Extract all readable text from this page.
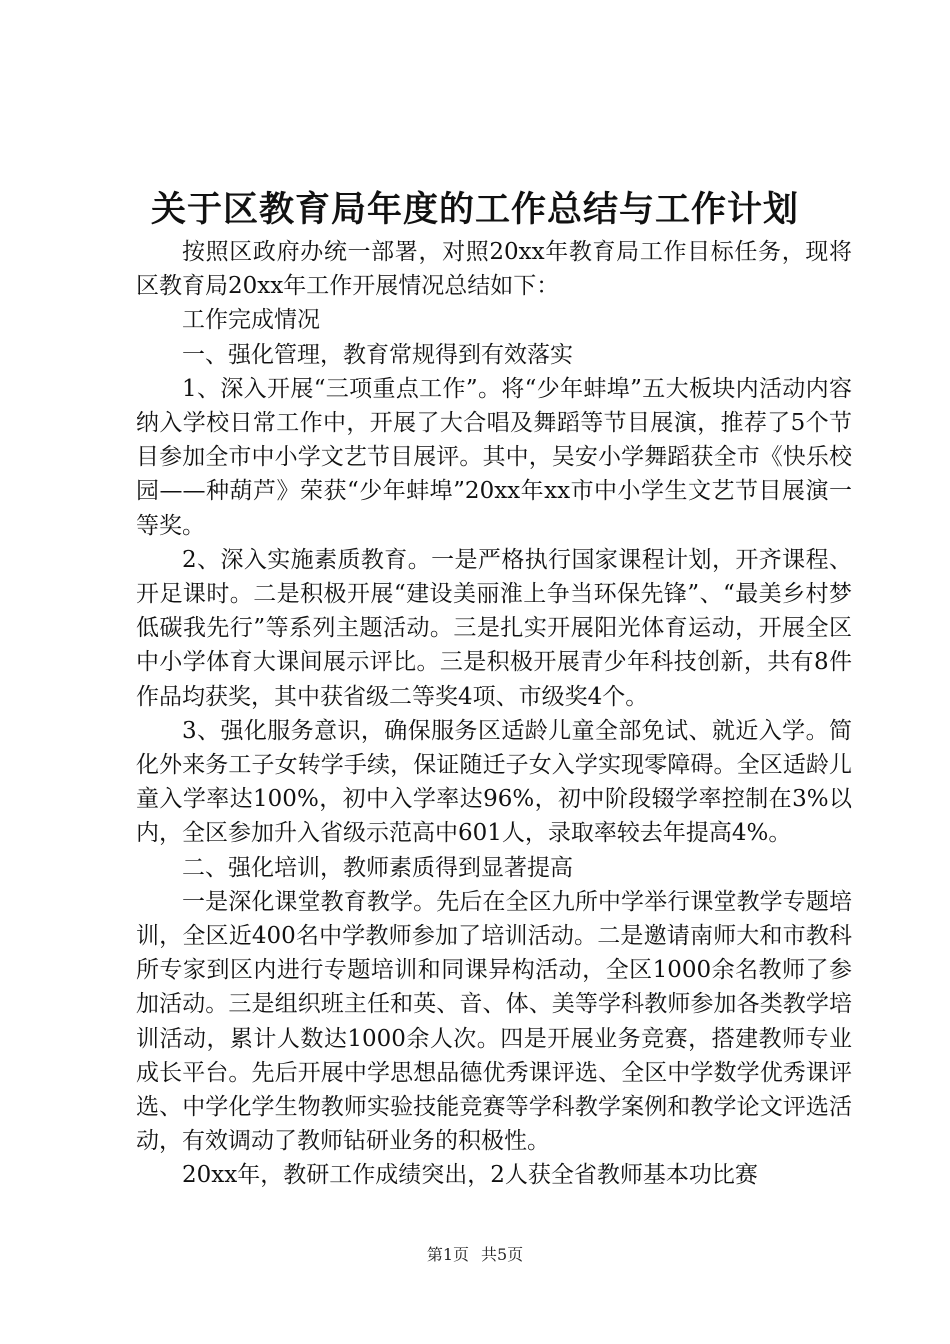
关于区教育局年度的工作总结与工作计划

按照区政府办统一部署，对照20xx年教育局工作目标任务，现将区教育局20xx年工作开展情况总结如下：

工作完成情况

一、强化管理，教育常规得到有效落实

1、深入开展“三项重点工作”。将“少年蚌埠”五大板块内活动内容纳入学校日常工作中，开展了大合唱及舞蹈等节目展演，推荐了5个节目参加全市中小学文艺节目展评。其中，吴安小学舞蹈获全市《快乐校园——种葫芦》荣获“少年蚌埠”20xx年xx市中小学生文艺节目展演一等奖。

2、深入实施素质教育。一是严格执行国家课程计划，开齐课程、开足课时。二是积极开展“建设美丽淮上争当环保先锋”、“最美乡村梦低碳我先行”等系列主题活动。三是扎实开展阳光体育运动，开展全区中小学体育大课间展示评比。三是积极开展青少年科技创新，共有8件作品均获奖，其中获省级二等奖4项、市级奖4个。

3、强化服务意识，确保服务区适龄儿童全部免试、就近入学。简化外来务工子女转学手续，保证随迁子女入学实现零障碍。全区适龄儿童入学率达100%，初中入学率达96%，初中阶段辍学率控制在3%以内，全区参加升入省级示范高中601人，录取率较去年提高4%。

二、强化培训，教师素质得到显著提高

一是深化课堂教育教学。先后在全区九所中学举行课堂教学专题培训，全区近400名中学教师参加了培训活动。二是邀请南师大和市教科所专家到区内进行专题培训和同课异构活动，全区1000余名教师了参加活动。三是组织班主任和英、音、体、美等学科教师参加各类教学培训活动，累计人数达1000余人次。四是开展业务竞赛，搭建教师专业成长平台。先后开展中学思想品德优秀课评选、全区中学数学优秀课评选、中学化学生物教师实验技能竞赛等学科教学案例和教学论文评选活动，有效调动了教师钻研业务的积极性。

20xx年，教研工作成绩突出，2人获全省教师基本功比赛

第1页 共5页
